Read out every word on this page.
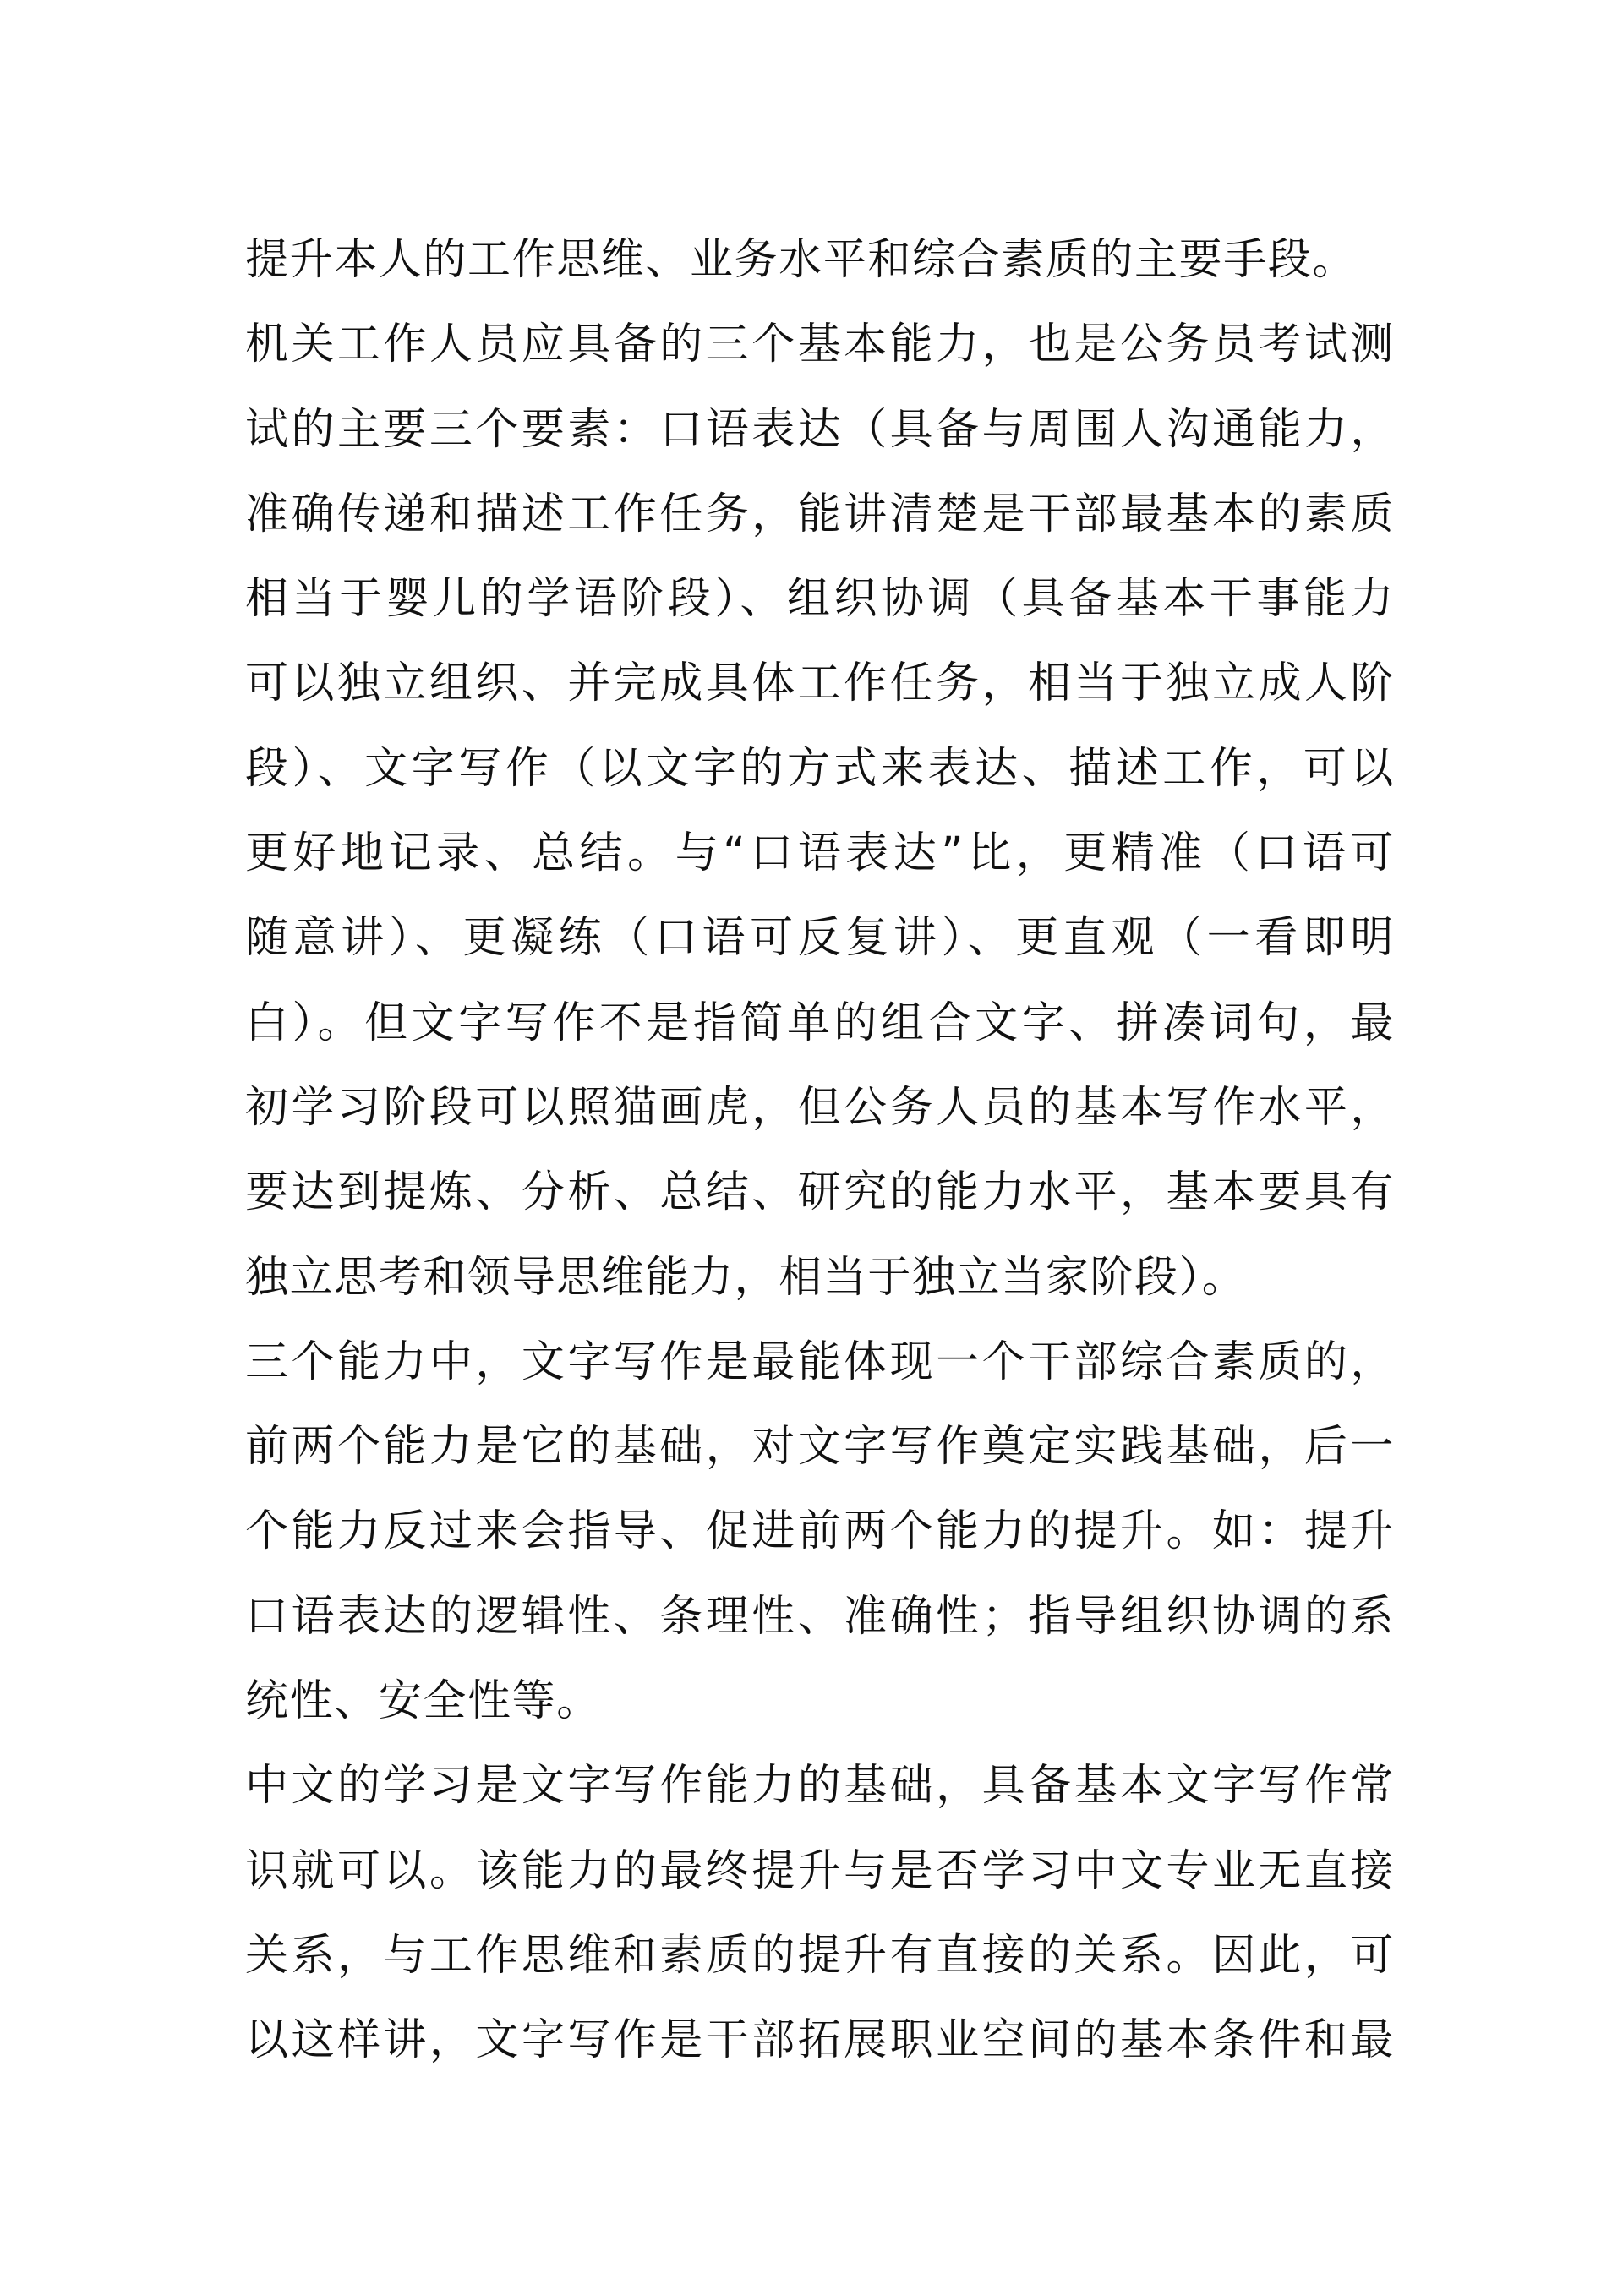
提升本人的工作思维、业务水平和综合素质的主要手段。
机关工作人员应具备的三个基本能力，也是公务员考试测
试的主要三个要素：口语表达（具备与周围人沟通能力，
准确传递和描述工作任务，能讲清楚是干部最基本的素质
相当于婴儿的学语阶段）、组织协调（具备基本干事能力
可以独立组织、并完成具体工作任务，相当于独立成人阶
段）、文字写作（以文字的方式来表达、描述工作，可以
更好地记录、总结。与“口语表达”比，更精准（口语可
随意讲）、更凝练（口语可反复讲）、更直观（一看即明
白）。但文字写作不是指简单的组合文字、拼凑词句，最
初学习阶段可以照猫画虎，但公务人员的基本写作水平，
要达到提炼、分析、总结、研究的能力水平，基本要具有
独立思考和领导思维能力，相当于独立当家阶段）。
三个能力中，文字写作是最能体现一个干部综合素质的，
前两个能力是它的基础，对文字写作奠定实践基础，后一
个能力反过来会指导、促进前两个能力的提升。如：提升
口语表达的逻辑性、条理性、准确性；指导组织协调的系
统性、安全性等。
中文的学习是文字写作能力的基础，具备基本文字写作常
识就可以。该能力的最终提升与是否学习中文专业无直接
关系，与工作思维和素质的提升有直接的关系。因此，可
以这样讲，文字写作是干部拓展职业空间的基本条件和最
